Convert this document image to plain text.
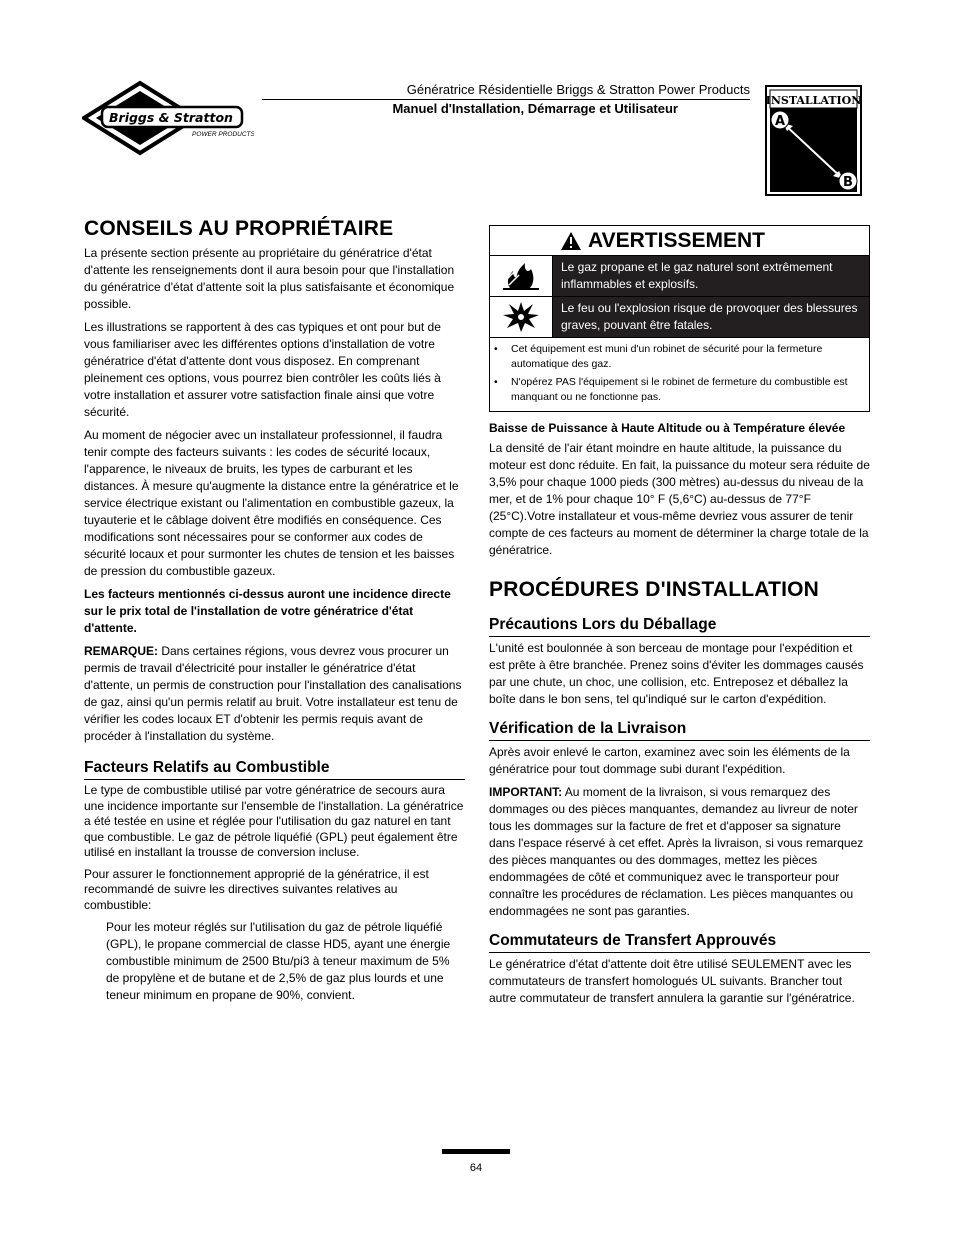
Briggs & Stratton
POWER PRODUCTS
Génératrice Résidentielle Briggs & Stratton Power Products
Manuel d'Installation, Démarrage et Utilisateur
INSTALLATION
A
B
CONSEILS AU PROPRIÉTAIRE

La présente section présente au propriétaire du génératrice d'état d'attente les renseignements dont il aura besoin pour que l'installation du génératrice d'état d'attente soit la plus satisfaisante et économique possible.

Les illustrations se rapportent à des cas typiques et ont pour but de vous familiariser avec les différentes options d'installation de votre génératrice d'état d'attente dont vous disposez. En comprenant pleinement ces options, vous pourrez bien contrôler les coûts liés à votre installation et assurer votre satisfaction finale ainsi que votre sécurité.

Au moment de négocier avec un installateur professionnel, il faudra tenir compte des facteurs suivants : les codes de sécurité locaux, l'apparence, le niveaux de bruits, les types de carburant et les distances. À mesure qu'augmente la distance entre la génératrice et le service électrique existant ou l'alimentation en combustible gazeux, la tuyauterie et le câblage doivent être modifiés en conséquence. Ces modifications sont nécessaires pour se conformer aux codes de sécurité locaux et pour surmonter les chutes de tension et les baisses de pression du combustible gazeux.

Les facteurs mentionnés ci-dessus auront une incidence directe sur le prix total de l'installation de votre génératrice d'état d'attente.

REMARQUE: Dans certaines régions, vous devrez vous procurer un permis de travail d'électricité pour installer le génératrice d'état d'attente, un permis de construction pour l'installation des canalisations de gaz, ainsi qu'un permis relatif au bruit. Votre installateur est tenu de vérifier les codes locaux ET d'obtenir les permis requis avant de procéder à l'installation du système.

Facteurs Relatifs au Combustible

Le type de combustible utilisé par votre génératrice de secours aura une incidence importante sur l'ensemble de l'installation. La génératrice a été testée en usine et réglée pour l'utilisation du gaz naturel en tant que combustible. Le gaz de pétrole liquéfié (GPL) peut également être utilisé en installant la trousse de conversion incluse.

Pour assurer le fonctionnement approprié de la génératrice, il est recommandé de suivre les directives suivantes relatives au combustible:

Pour les moteur réglés sur l'utilisation du gaz de pétrole liquéfié (GPL), le propane commercial de classe HD5, ayant une énergie combustible minimum de 2500 Btu/pi3 à teneur maximum de 5% de propylène et de butane et de 2,5% de gaz plus lourds et une teneur minimum en propane de 90%, convient.

AVERTISSEMENT
Le gaz propane et le gaz naturel sont extrêmement inflammables et explosifs.
Le feu ou l'explosion risque de provoquer des blessures graves, pouvant être fatales.
•	Cet équipement est muni d'un robinet de sécurité pour la fermeture automatique des gaz.
•	N'opérez PAS l'équipement si le robinet de fermeture du combustible est manquant ou ne fonctionne pas.

Baisse de Puissance à Haute Altitude ou à Température élevée

La densité de l'air étant moindre en haute altitude, la puissance du moteur est donc réduite. En fait, la puissance du moteur sera réduite de 3,5% pour chaque 1000 pieds (300 mètres) au-dessus du niveau de la mer, et de 1% pour chaque 10° F (5,6°C) au-dessus de 77°F (25°C).Votre installateur et vous-même devriez vous assurer de tenir compte de ces facteurs au moment de déterminer la charge totale de la génératrice.

PROCÉDURES D'INSTALLATION
Précautions Lors du Déballage

L'unité est boulonnée à son berceau de montage pour l'expédition et est prête à être branchée. Prenez soins d'éviter les dommages causés par une chute, un choc, une collision, etc. Entreposez et déballez la boîte dans le bon sens, tel qu'indiqué sur le carton d'expédition.

Vérification de la Livraison

Après avoir enlevé le carton, examinez avec soin les éléments de la génératrice pour tout dommage subi durant l'expédition.

IMPORTANT: Au moment de la livraison, si vous remarquez des dommages ou des pièces manquantes, demandez au livreur de noter tous les dommages sur la facture de fret et d'apposer sa signature dans l'espace réservé à cet effet. Après la livraison, si vous remarquez des pièces manquantes ou des dommages, mettez les pièces endommagées de côté et communiquez avec le transporteur pour connaître les procédures de réclamation. Les pièces manquantes ou endommagées ne sont pas garanties.

Commutateurs de Transfert Approuvés

Le génératrice d'état d'attente doit être utilisé SEULEMENT avec les commutateurs de transfert homologués UL suivants. Brancher tout autre commutateur de transfert annulera la garantie sur l'génératrice.

64
